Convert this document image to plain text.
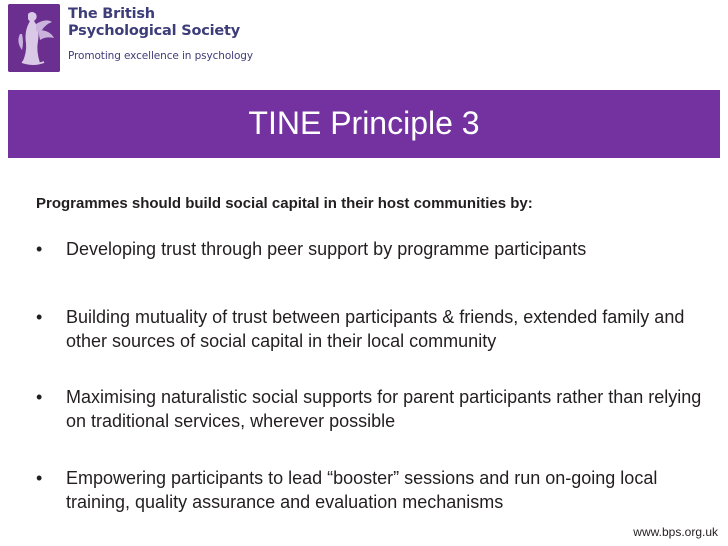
The British
Psychological Society
Promoting excellence in psychology
TINE Principle 3
Programmes should build social capital in their host communities by:
• Developing trust through peer support by programme participants
• Building mutuality of trust between participants & friends, extended family and other sources of social capital in their local community
• Maximising naturalistic social supports for parent participants rather than relying on traditional services, wherever possible
• Empowering participants to lead “booster” sessions and run on-going local training, quality assurance and evaluation mechanisms
www.bps.org.uk
